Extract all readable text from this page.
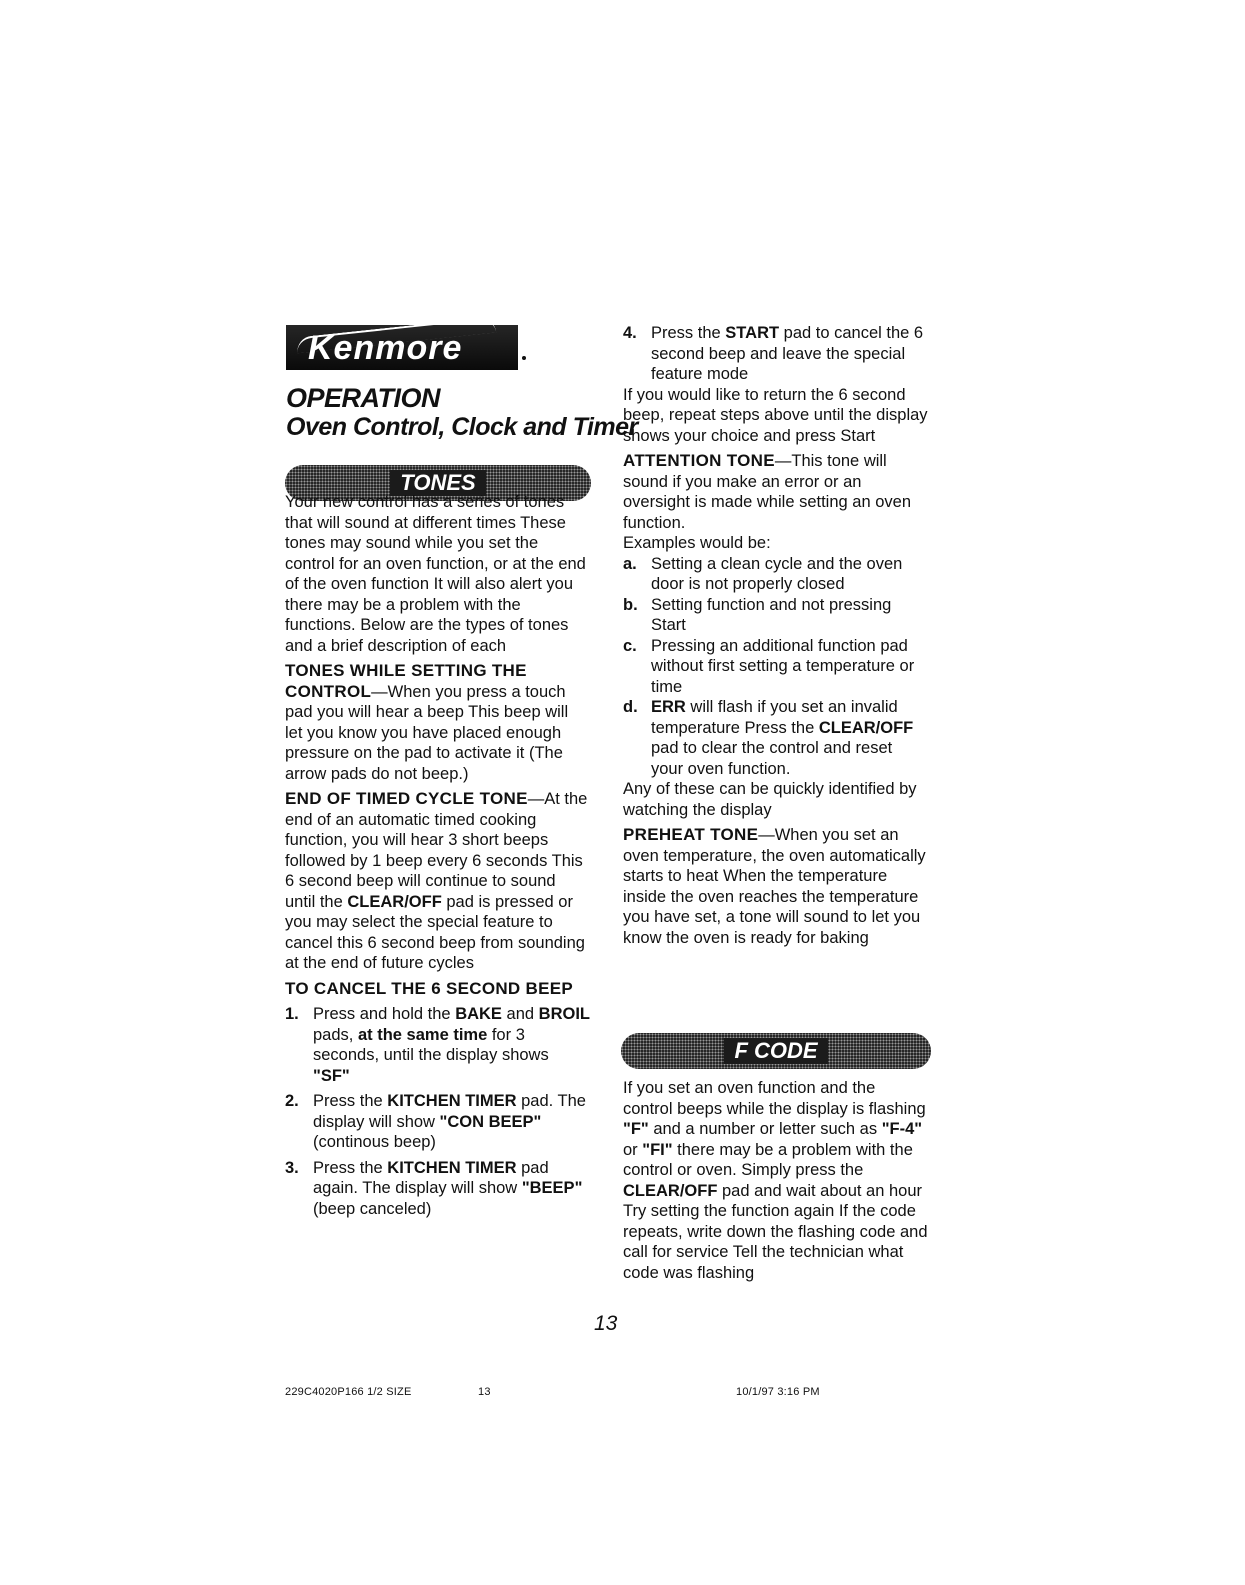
Kenmore
OPERATION
Oven Control, Clock and Timer
TONES

Your new control has a series of tones that will sound at different times These tones may sound while you set the control for an oven function, or at the end of the oven function It will also alert you there may be a problem with the functions. Below are the types of tones and a brief description of each

TONES WHILE SETTING THE CONTROL—When you press a touch pad you will hear a beep This beep will let you know you have placed enough pressure on the pad to activate it (The arrow pads do not beep.)

END OF TIMED CYCLE TONE—At the end of an automatic timed cooking function, you will hear 3 short beeps followed by 1 beep every 6 seconds This 6 second beep will continue to sound until the CLEAR/OFF pad is pressed or you may select the special feature to cancel this 6 second beep from sounding at the end of future cycles

TO CANCEL THE 6 SECOND BEEP

1. Press and hold the BAKE and BROIL pads, at the same time for 3 seconds, until the display shows "SF"
2. Press the KITCHEN TIMER pad. The display will show "CON BEEP" (continous beep)
3. Press the KITCHEN TIMER pad again. The display will show "BEEP" (beep canceled)
4. Press the START pad to cancel the 6 second beep and leave the special feature mode

If you would like to return the 6 second beep, repeat steps above until the display shows your choice and press Start

ATTENTION TONE—This tone will sound if you make an error or an oversight is made while setting an oven function.

Examples would be:

a. Setting a clean cycle and the oven door is not properly closed
b. Setting function and not pressing Start
c. Pressing an additional function pad without first setting a temperature or time
d. ERR will flash if you set an invalid temperature Press the CLEAR/OFF pad to clear the control and reset your oven function.

Any of these can be quickly identified by watching the display

PREHEAT TONE—When you set an oven temperature, the oven automatically starts to heat When the temperature inside the oven reaches the temperature you have set, a tone will sound to let you know the oven is ready for baking

F CODE

If you set an oven function and the control beeps while the display is flashing "F" and a number or letter such as "F-4" or "FI" there may be a problem with the control or oven. Simply press the CLEAR/OFF pad and wait about an hour Try setting the function again If the code repeats, write down the flashing code and call for service Tell the technician what code was flashing

13
229C4020P166 1/2 SIZE	13	10/1/97 3:16 PM
